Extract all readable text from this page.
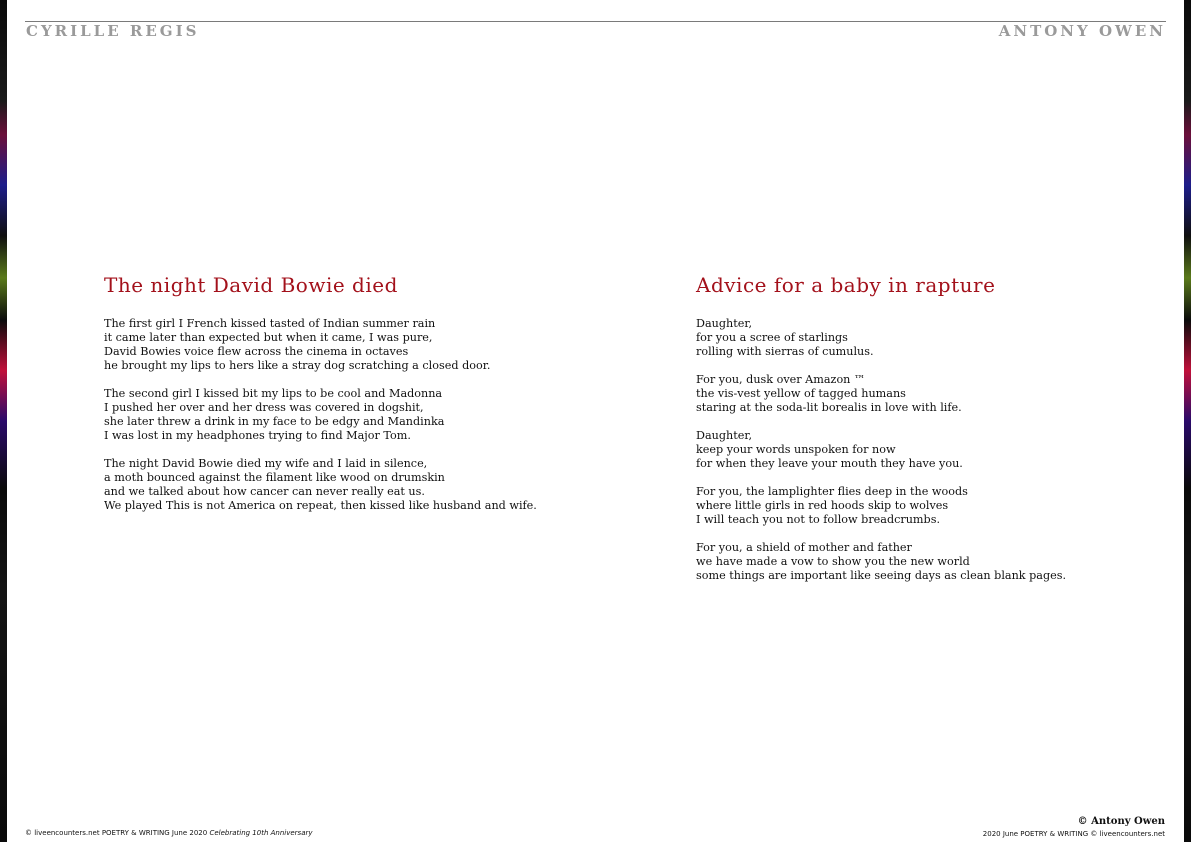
CYRILLE REGIS	ANTONY OWEN
The night David Bowie died
The first girl I French kissed tasted of Indian summer rain
it came later than expected but when it came, I was pure,
David Bowies voice flew across the cinema in octaves
he brought my lips to hers like a stray dog scratching a closed door.
The second girl I kissed bit my lips to be cool and Madonna
I pushed her over and her dress was covered in dogshit,
she later threw a drink in my face to be edgy and Mandinka
I was lost in my headphones trying to find Major Tom.
The night David Bowie died my wife and I laid in silence,
a moth bounced against the filament like wood on drumskin
and we talked about how cancer can never really eat us.
We played This is not America on repeat, then kissed like husband and wife.
Advice for a baby in rapture
Daughter,
for you a scree of starlings
rolling with sierras of cumulus.
For you, dusk over Amazon ™
the vis-vest yellow of tagged humans
staring at the soda-lit borealis in love with life.
Daughter,
keep your words unspoken for now
for when they leave your mouth they have you.
For you, the lamplighter flies deep in the woods
where little girls in red hoods skip to wolves
I will teach you not to follow breadcrumbs.
For you, a shield of mother and father
we have made a vow to show you the new world
some things are important like seeing days as clean blank pages.
© liveencounters.net POETRY & WRITING June 2020 Celebrating 10th Anniversary
© Antony Owen
2020 June POETRY & WRITING © liveencounters.net
